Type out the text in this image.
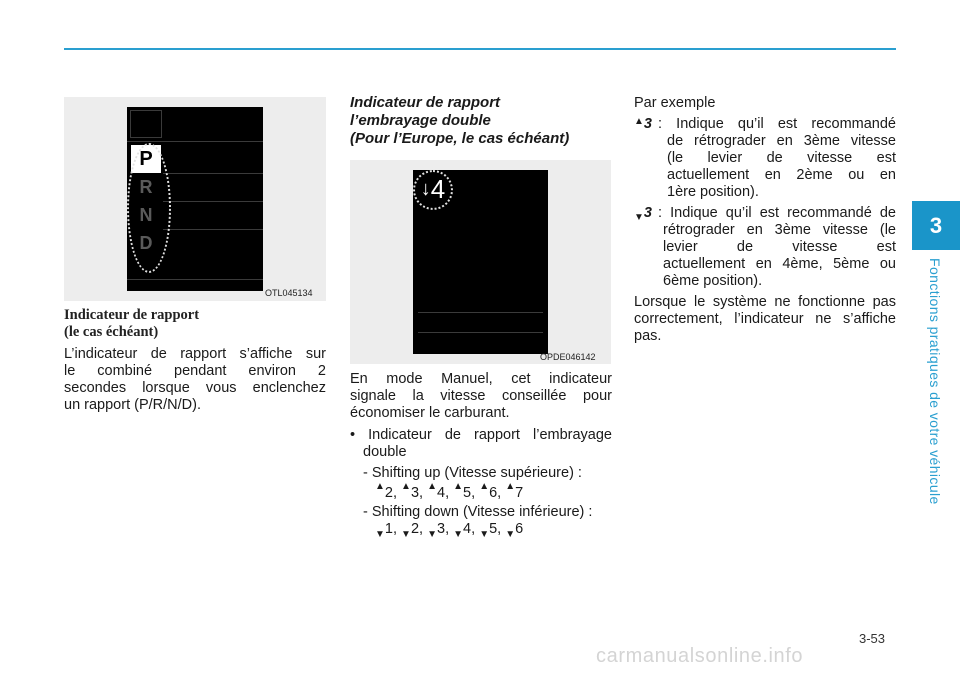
3
Fonctions pratiques de votre véhicule
P
R
N
D
OTL045134
Indicateur de rapport
(le cas échéant)
L’indicateur de rapport s’affiche sur
le combiné pendant environ 2
secondes lorsque vous enclenchez
un rapport (P/R/N/D).
Indicateur de rapport
l’embrayage double
(Pour l’Europe, le cas échéant)
↓ 4
OPDE046142
En mode Manuel, cet indicateur
signale la vitesse conseillée pour
économiser le carburant.
• Indicateur de rapport l’embrayage
double
- Shifting up (Vitesse supérieure) :
▲2, ▲3, ▲4, ▲5, ▲6, ▲7
- Shifting down (Vitesse inférieure) :
$_▼$1, $_▼$2, $_▼$3, $_▼$4, $_▼$5, $_▼$6
Par exemple
▲3 : Indique qu’il est recommandé
de rétrograder en 3ème vitesse
(le levier de vitesse est
actuellement en 2ème ou en
1ère position).
$_▼$3 : Indique qu’il est recommandé de
rétrograder en 3ème vitesse (le
levier de vitesse est
actuellement en 4ème, 5ème ou
6ème position).
Lorsque le système ne fonctionne pas
correctement, l’indicateur ne s’affiche
pas.
3-53
carmanualsonline.info
